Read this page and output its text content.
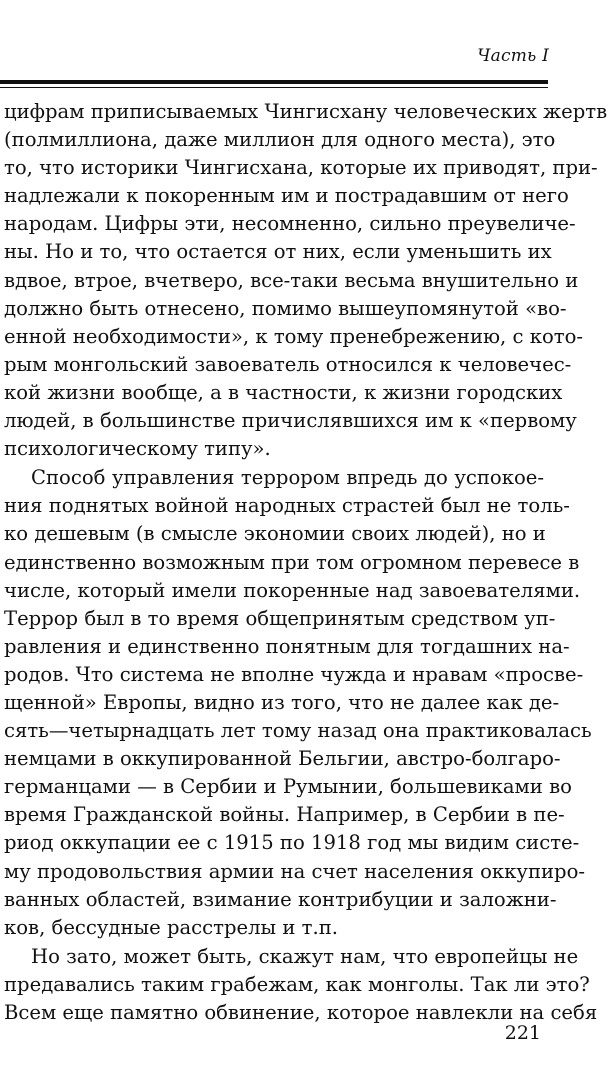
Часть I
цифрам приписываемых Чингисхану человеческих жертв
(полмиллиона, даже миллион для одного места), это
то, что историки Чингисхана, которые их приводят, при-
надлежали к покоренным им и пострадавшим от него
народам. Цифры эти, несомненно, сильно преувеличе-
ны. Но и то, что остается от них, если уменьшить их
вдвое, втрое, вчетверо, все-таки весьма внушительно и
должно быть отнесено, помимо вышеупомянутой «во-
енной необходимости», к тому пренебрежению, с кото-
рым монгольский завоеватель относился к человечес-
кой жизни вообще, а в частности, к жизни городских
людей, в большинстве причислявшихся им к «первому
психологическому типу».
Способ управления террором впредь до успокое-
ния поднятых войной народных страстей был не толь-
ко дешевым (в смысле экономии своих людей), но и
единственно возможным при том огромном перевесе в
числе, который имели покоренные над завоевателями.
Террор был в то время общепринятым средством уп-
равления и единственно понятным для тогдашних на-
родов. Что система не вполне чужда и нравам «просве-
щенной» Европы, видно из того, что не далее как де-
сять—четырнадцать лет тому назад она практиковалась
немцами в оккупированной Бельгии, австро-болгаро-
германцами — в Сербии и Румынии, большевиками во
время Гражданской войны. Например, в Сербии в пе-
риод оккупации ее с 1915 по 1918 год мы видим систе-
му продовольствия армии на счет населения оккупиро-
ванных областей, взимание контрибуции и заложни-
ков, бессудные расстрелы и т.п.
Но зато, может быть, скажут нам, что европейцы не
предавались таким грабежам, как монголы. Так ли это?
Всем еще памятно обвинение, которое навлекли на себя
221
